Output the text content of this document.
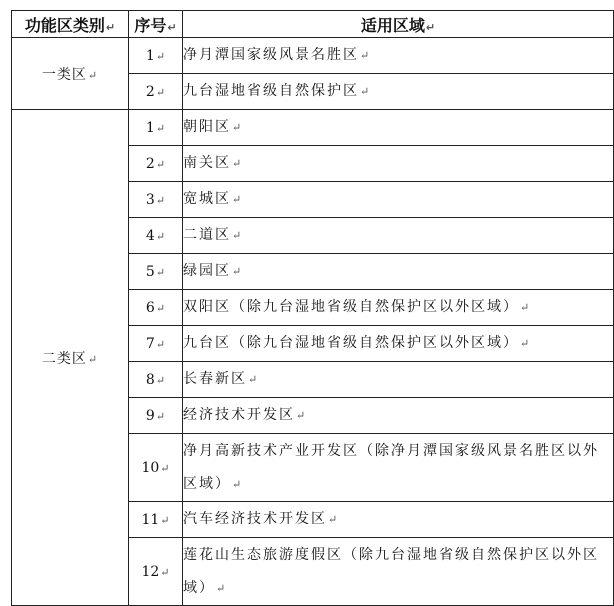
功能区类别↵	序号↵	适用区域↵
一类区↵	1↵	净月潭国家级风景名胜区↵
	2↵	九台湿地省级自然保护区↵
二类区↵	1↵	朝阳区↵
	2↵	南关区↵
	3↵	宽城区↵
	4↵	二道区↵
	5↵	绿园区↵
	6↵	双阳区（除九台湿地省级自然保护区以外区域）↵
	7↵	九台区（除九台湿地省级自然保护区以外区域）↵
	8↵	长春新区↵
	9↵	经济技术开发区↵
	10↵	净月高新技术产业开发区（除净月潭国家级风景名胜区以外区域）↵
	11↵	汽车经济技术开发区↵
	12↵	莲花山生态旅游度假区（除九台湿地省级自然保护区以外区域）↵
